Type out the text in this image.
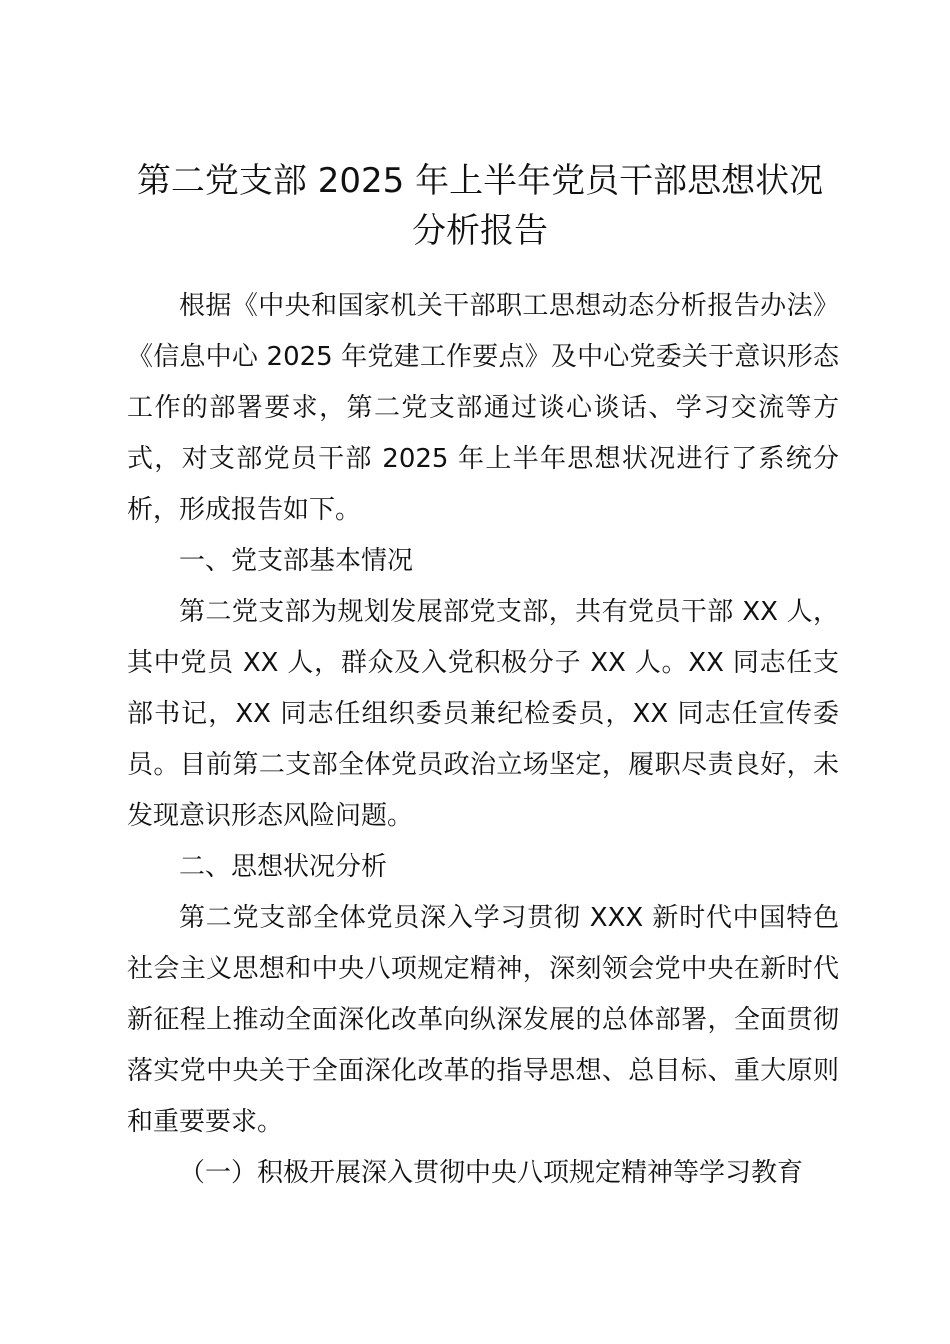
第二党支部 2025 年上半年党员干部思想状况
分析报告

根据《中央和国家机关干部职工思想动态分析报告办法》《信息中心 2025 年党建工作要点》及中心党委关于意识形态工作的部署要求，第二党支部通过谈心谈话、学习交流等方式，对支部党员干部 2025 年上半年思想状况进行了系统分析，形成报告如下。

一、党支部基本情况

第二党支部为规划发展部党支部，共有党员干部 XX 人，其中党员 XX 人，群众及入党积极分子 XX 人。XX 同志任支部书记，XX 同志任组织委员兼纪检委员，XX 同志任宣传委员。目前第二支部全体党员政治立场坚定，履职尽责良好，未发现意识形态风险问题。

二、思想状况分析

第二党支部全体党员深入学习贯彻 XXX 新时代中国特色社会主义思想和中央八项规定精神，深刻领会党中央在新时代新征程上推动全面深化改革向纵深发展的总体部署，全面贯彻落实党中央关于全面深化改革的指导思想、总目标、重大原则和重要要求。

（一）积极开展深入贯彻中央八项规定精神等学习教育
